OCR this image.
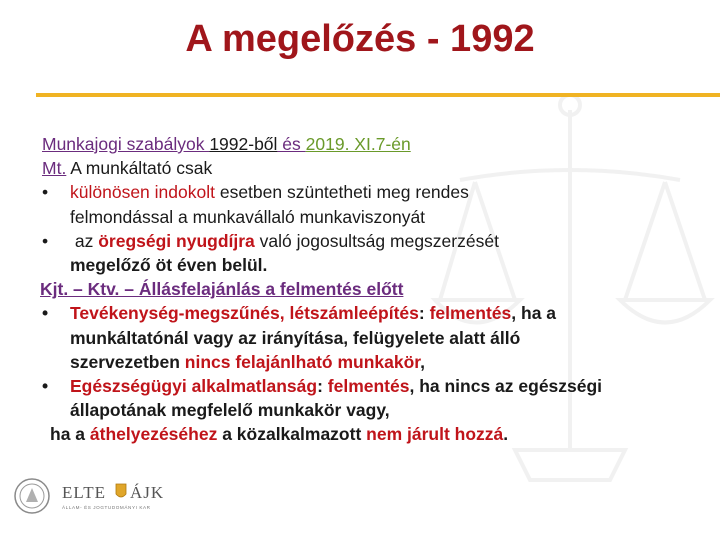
A megelőzés - 1992
Munkajogi szabályok 1992-ből és 2019. XI.7-én
Mt. A munkáltató csak
• különösen indokolt esetben szüntetheti meg rendes
felmondással a munkavállaló munkaviszonyát
• az öregségi nyugdíjra való jogosultság megszerzését
megelőző öt éven belül.
Kjt. – Ktv. – Állásfelajánlás a felmentés előtt
• Tevékenység-megszűnés, létszámleépítés: felmentés, ha a
munkáltatónál vagy az irányítása, felügyelete alatt álló
szervezetben nincs felajánlható munkakör,
• Egészségügyi alkalmatlanság: felmentés, ha nincs az egészségi
állapotának megfelelő munkakör vagy,
ha a áthelyezéséhez a közalkalmazott nem járult hozzá.
ELTE ÁJK
ÁLLAM- ÉS JOGTUDOMÁNYI KAR
